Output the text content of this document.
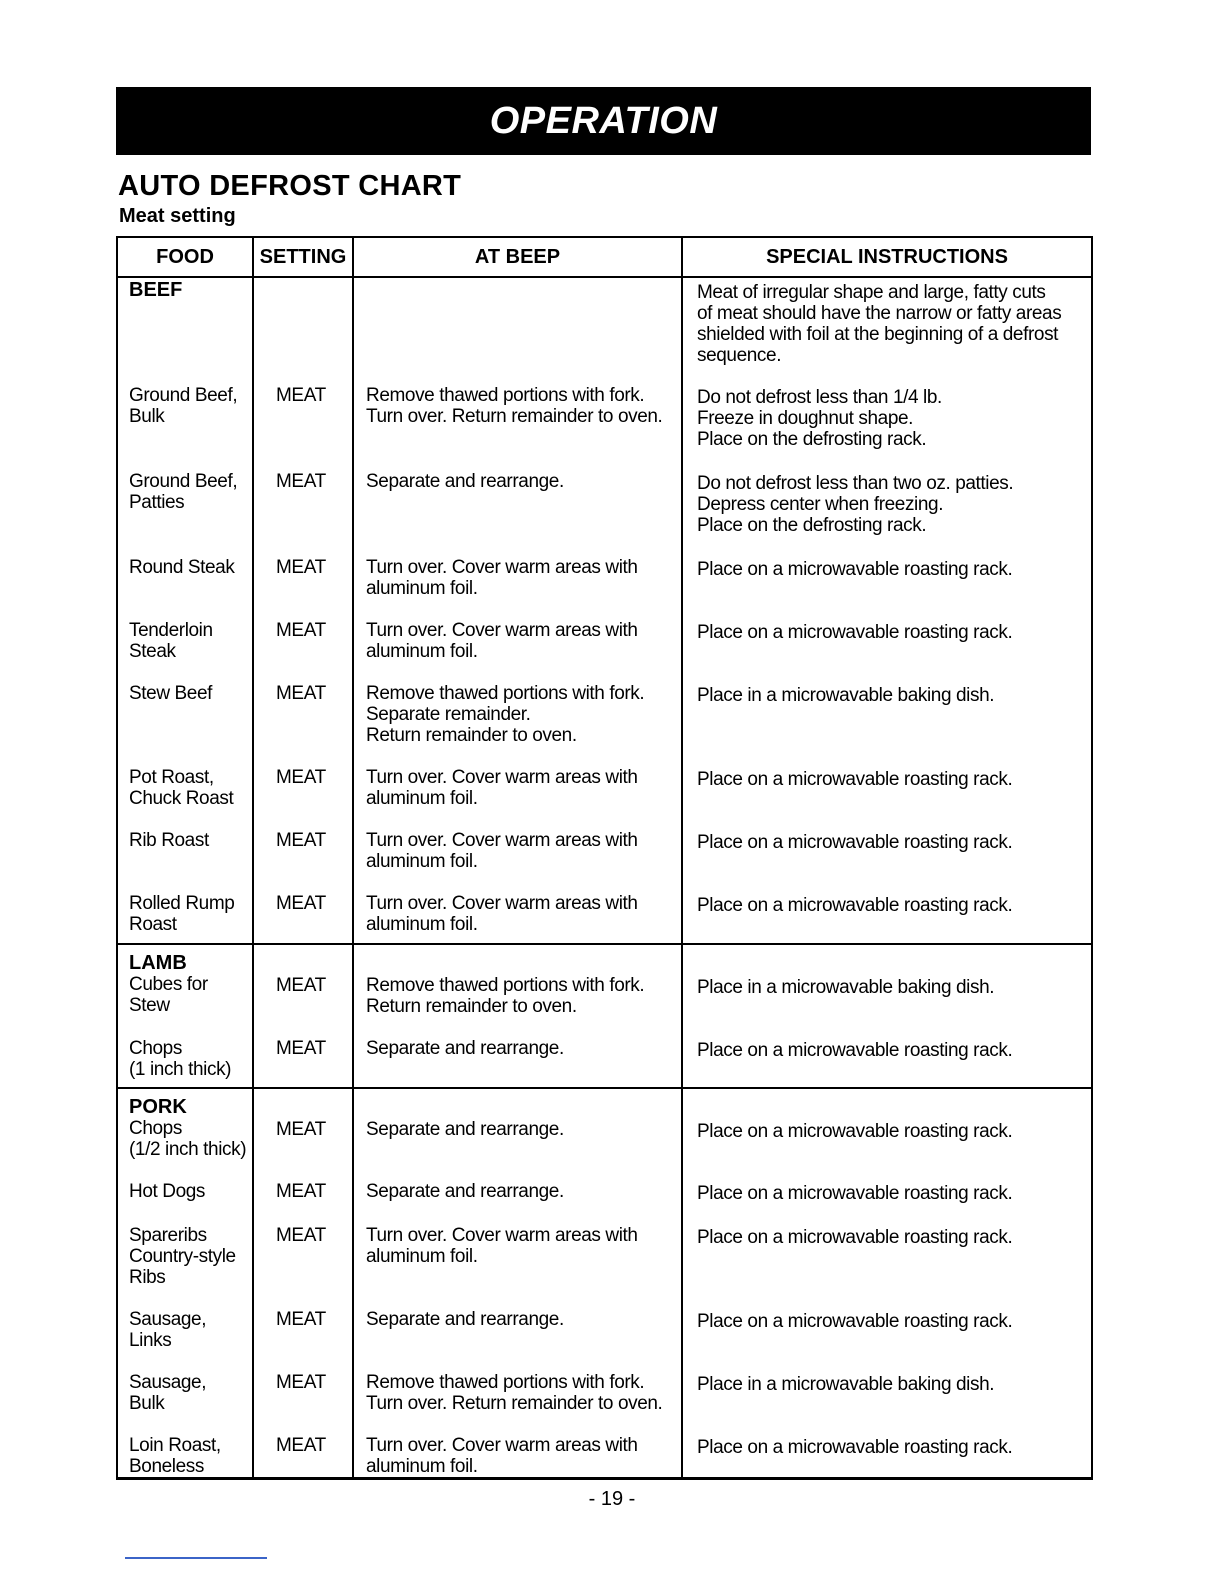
OPERATION
AUTO DEFROST CHART
Meat setting
FOOD	SETTING	AT BEEP	SPECIAL INSTRUCTIONS

BEEF			Meat of irregular shape and large, fatty cuts
of meat should have the narrow or fatty areas
shielded with foil at the beginning of a defrost
sequence.

Ground Beef,
Bulk	MEAT	Remove thawed portions with fork.
Turn over. Return remainder to oven.	Do not defrost less than 1/4 lb.
Freeze in doughnut shape.
Place on the defrosting rack.

Ground Beef,
Patties	MEAT	Separate and rearrange.	Do not defrost less than two oz. patties.
Depress center when freezing.
Place on the defrosting rack.

Round Steak	MEAT	Turn over. Cover warm areas with
aluminum foil.	Place on a microwavable roasting rack.

Tenderloin
Steak	MEAT	Turn over. Cover warm areas with
aluminum foil.	Place on a microwavable roasting rack.

Stew Beef	MEAT	Remove thawed portions with fork.
Separate remainder.
Return remainder to oven.	Place in a microwavable baking dish.

Pot Roast,
Chuck Roast	MEAT	Turn over. Cover warm areas with
aluminum foil.	Place on a microwavable roasting rack.

Rib Roast	MEAT	Turn over. Cover warm areas with
aluminum foil.	Place on a microwavable roasting rack.

Rolled Rump
Roast	MEAT	Turn over. Cover warm areas with
aluminum foil.	Place on a microwavable roasting rack.

LAMB
Cubes for
Stew	MEAT	Remove thawed portions with fork.
Return remainder to oven.	Place in a microwavable baking dish.

Chops
(1 inch thick)	MEAT	Separate and rearrange.	Place on a microwavable roasting rack.

PORK
Chops
(1/2 inch thick)	MEAT	Separate and rearrange.	Place on a microwavable roasting rack.

Hot Dogs	MEAT	Separate and rearrange.	Place on a microwavable roasting rack.

Spareribs
Country-style
Ribs	MEAT	Turn over. Cover warm areas with
aluminum foil.	Place on a microwavable roasting rack.

Sausage,
Links	MEAT	Separate and rearrange.	Place on a microwavable roasting rack.

Sausage,
Bulk	MEAT	Remove thawed portions with fork.
Turn over. Return remainder to oven.	Place in a microwavable baking dish.

Loin Roast,
Boneless	MEAT	Turn over. Cover warm areas with
aluminum foil.	Place on a microwavable roasting rack.
- 19 -
